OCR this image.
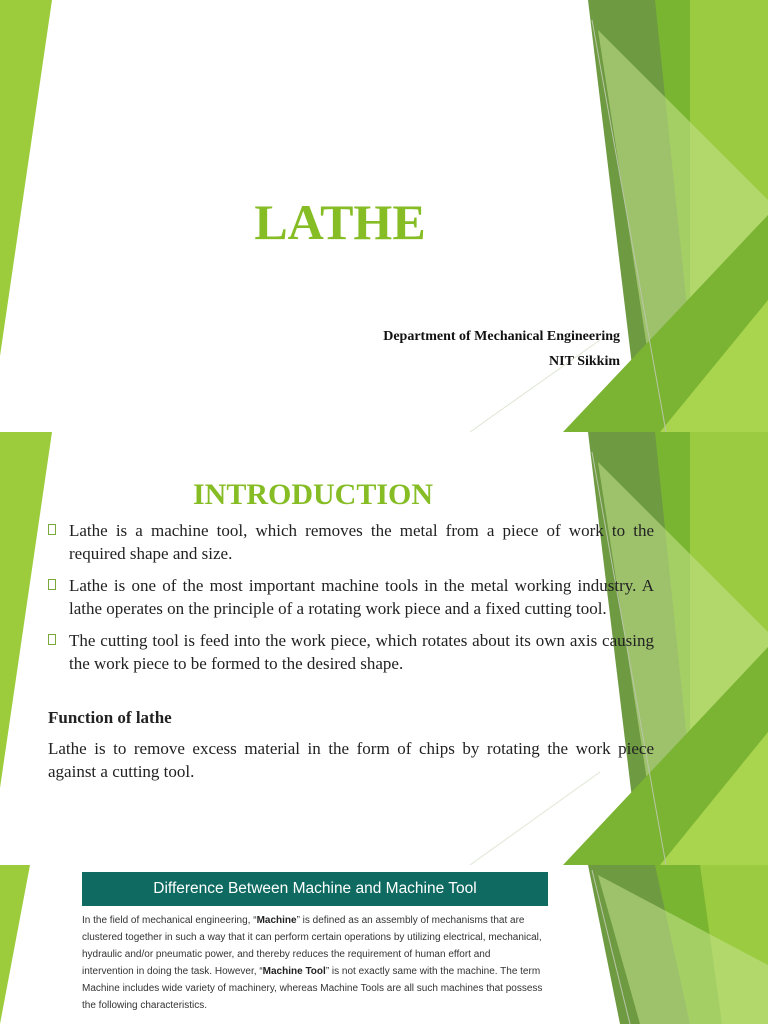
LATHE
Department of Mechanical Engineering
NIT Sikkim
INTRODUCTION
Lathe is a machine tool, which removes the metal from a piece of work to the required shape and size.
Lathe is one of the most important machine tools in the metal working industry. A lathe operates on the principle of a rotating work piece and a fixed cutting tool.
The cutting tool is feed into the work piece, which rotates about its own axis causing the work piece to be formed to the desired shape.
Function of lathe
Lathe is to remove excess material in the form of chips by rotating the work piece against a cutting tool.
Difference Between Machine and Machine Tool
In the field of mechanical engineering, “Machine” is defined as an assembly of mechanisms that are clustered together in such a way that it can perform certain operations by utilizing electrical, mechanical, hydraulic and/or pneumatic power, and thereby reduces the requirement of human effort and intervention in doing the task. However, “Machine Tool” is not exactly same with the machine. The term Machine includes wide variety of machinery, whereas Machine Tools are all such machines that possess the following characteristics.
